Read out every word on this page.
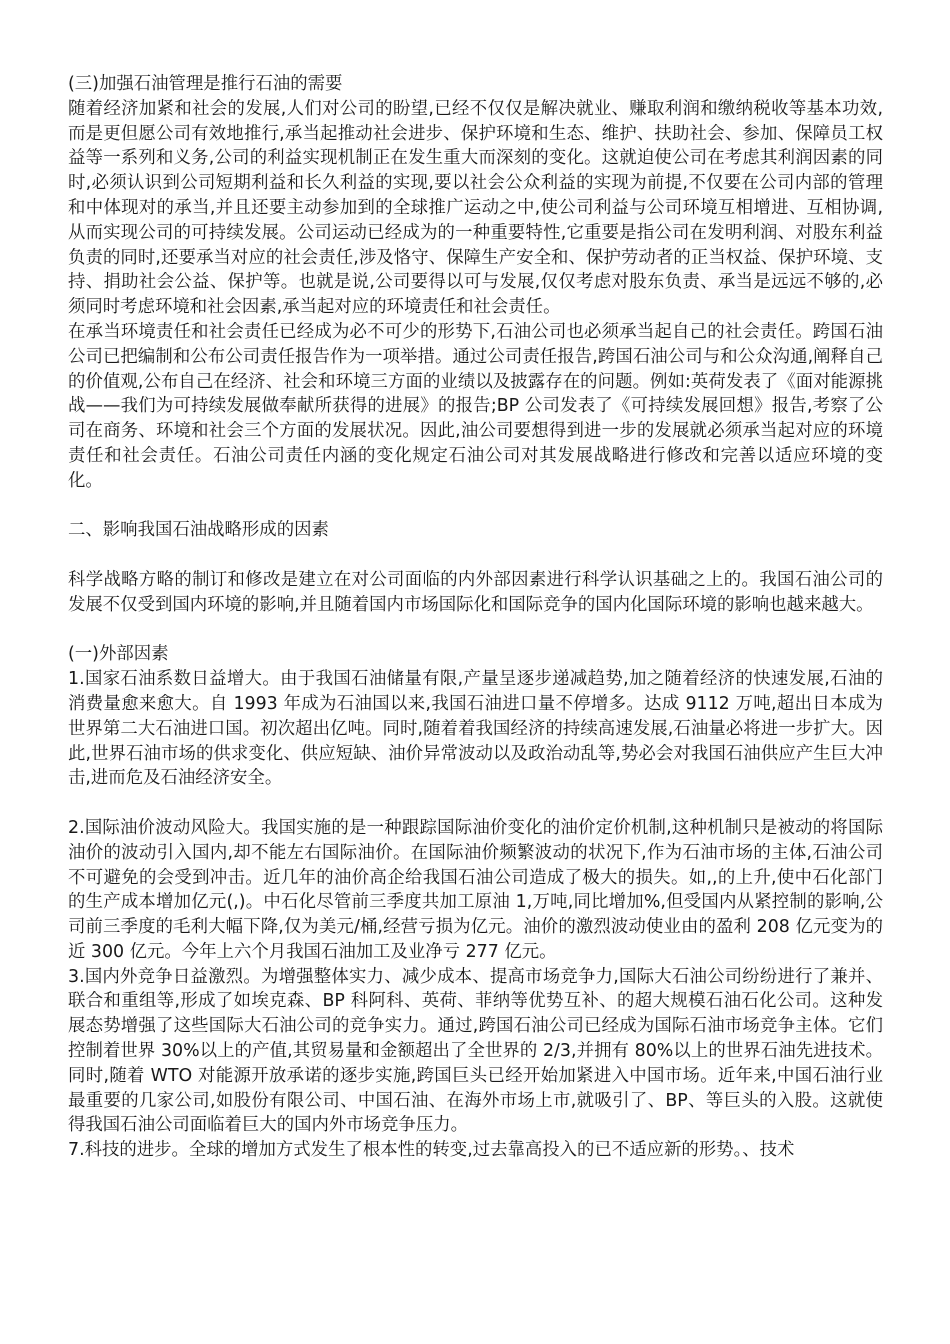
(三)加强石油管理是推行石油的需要

随着经济加紧和社会的发展,人们对公司的盼望,已经不仅仅是解决就业、赚取利润和缴纳税收等基本功效,而是更但愿公司有效地推行,承当起推动社会进步、保护环境和生态、维护、扶助社会、参加、保障员工权益等一系列和义务,公司的利益实现机制正在发生重大而深刻的变化。这就迫使公司在考虑其利润因素的同时,必须认识到公司短期利益和长久利益的实现,要以社会公众利益的实现为前提,不仅要在公司内部的管理和中体现对的承当,并且还要主动参加到的全球推广运动之中,使公司利益与公司环境互相增进、互相协调,从而实现公司的可持续发展。公司运动已经成为的一种重要特性,它重要是指公司在发明利润、对股东利益负责的同时,还要承当对应的社会责任,涉及恪守、保障生产安全和、保护劳动者的正当权益、保护环境、支持、捐助社会公益、保护等。也就是说,公司要得以可与发展,仅仅考虑对股东负责、承当是远远不够的,必须同时考虑环境和社会因素,承当起对应的环境责任和社会责任。

在承当环境责任和社会责任已经成为必不可少的形势下,石油公司也必须承当起自己的社会责任。跨国石油公司已把编制和公布公司责任报告作为一项举措。通过公司责任报告,跨国石油公司与和公众沟通,阐释自己的价值观,公布自己在经济、社会和环境三方面的业绩以及披露存在的问题。例如:英荷发表了《面对能源挑战——我们为可持续发展做奉献所获得的进展》的报告;BP 公司发表了《可持续发展回想》报告,考察了公司在商务、环境和社会三个方面的发展状况。因此,油公司要想得到进一步的发展就必须承当起对应的环境责任和社会责任。石油公司责任内涵的变化规定石油公司对其发展战略进行修改和完善以适应环境的变化。

二、影响我国石油战略形成的因素

科学战略方略的制订和修改是建立在对公司面临的内外部因素进行科学认识基础之上的。我国石油公司的发展不仅受到国内环境的影响,并且随着国内市场国际化和国际竞争的国内化国际环境的影响也越来越大。

(一)外部因素

1.国家石油系数日益增大。由于我国石油储量有限,产量呈逐步递减趋势,加之随着经济的快速发展,石油的消费量愈来愈大。自 1993 年成为石油国以来,我国石油进口量不停增多。达成 9112 万吨,超出日本成为世界第二大石油进口国。初次超出亿吨。同时,随着着我国经济的持续高速发展,石油量必将进一步扩大。因此,世界石油市场的供求变化、供应短缺、油价异常波动以及政治动乱等,势必会对我国石油供应产生巨大冲击,进而危及石油经济安全。

2.国际油价波动风险大。我国实施的是一种跟踪国际油价变化的油价定价机制,这种机制只是被动的将国际油价的波动引入国内,却不能左右国际油价。在国际油价频繁波动的状况下,作为石油市场的主体,石油公司不可避免的会受到冲击。近几年的油价高企给我国石油公司造成了极大的损失。如,,的上升,使中石化部门的生产成本增加亿元(,)。中石化尽管前三季度共加工原油 1,万吨,同比增加%,但受国内从紧控制的影响,公司前三季度的毛利大幅下降,仅为美元/桶,经营亏损为亿元。油价的激烈波动使业由的盈利 208 亿元变为的近 300 亿元。今年上六个月我国石油加工及业净亏 277 亿元。

3.国内外竞争日益激烈。为增强整体实力、减少成本、提高市场竞争力,国际大石油公司纷纷进行了兼并、联合和重组等,形成了如埃克森、BP 科阿科、英荷、菲纳等优势互补、的超大规模石油石化公司。这种发展态势增强了这些国际大石油公司的竞争实力。通过,跨国石油公司已经成为国际石油市场竞争主体。它们控制着世界 30%以上的产值,其贸易量和金额超出了全世界的 2/3,并拥有 80%以上的世界石油先进技术。同时,随着 WTO 对能源开放承诺的逐步实施,跨国巨头已经开始加紧进入中国市场。近年来,中国石油行业最重要的几家公司,如股份有限公司、中国石油、在海外市场上市,就吸引了、BP、等巨头的入股。这就使得我国石油公司面临着巨大的国内外市场竞争压力。

7.科技的进步。全球的增加方式发生了根本性的转变,过去靠高投入的已不适应新的形势。、技术
